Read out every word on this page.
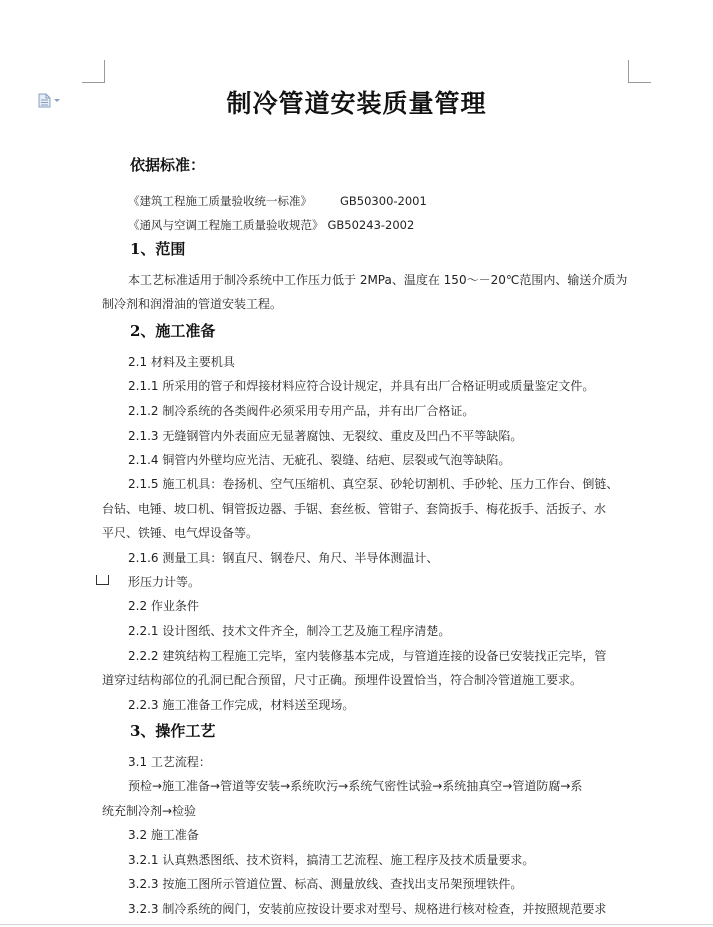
制冷管道安装质量管理
依据标准：
《建筑工程施工质量验收统一标准》 GB50300-2001
《通风与空调工程施工质量验收规范》 GB50243-2002
1、范围
本工艺标准适用于制冷系统中工作压力低于 2MPa、温度在 150～－20℃范围内、输送介质为
制冷剂和润滑油的管道安装工程。
2、施工准备
2.1 材料及主要机具
2.1.1 所采用的管子和焊接材料应符合设计规定，并具有出厂合格证明或质量鉴定文件。
2.1.2 制冷系统的各类阀件必须采用专用产品，并有出厂合格证。
2.1.3 无缝钢管内外表面应无显著腐蚀、无裂纹、重皮及凹凸不平等缺陷。
2.1.4 铜管内外壁均应光洁、无疵孔、裂缝、结疤、层裂或气泡等缺陷。
2.1.5 施工机具：卷扬机、空气压缩机、真空泵、砂轮切割机、手砂轮、压力工作台、倒链、
台钻、电锤、坡口机、铜管扳边器、手锯、套丝板、管钳子、套筒扳手、梅花扳手、活扳子、水
平尺、铁锤、电气焊设备等。
2.1.6 测量工具：钢直尺、钢卷尺、角尺、半导体测温计、
形压力计等。
2.2 作业条件
2.2.1 设计图纸、技术文件齐全，制冷工艺及施工程序清楚。
2.2.2 建筑结构工程施工完毕，室内装修基本完成，与管道连接的设备已安装找正完毕，管
道穿过结构部位的孔洞已配合预留，尺寸正确。预埋件设置恰当，符合制冷管道施工要求。
2.2.3 施工准备工作完成，材料送至现场。
3、操作工艺
3.1 工艺流程：
预检→施工准备→管道等安装→系统吹污→系统气密性试验→系统抽真空→管道防腐→系
统充制冷剂→检验
3.2 施工准备
3.2.1 认真熟悉图纸、技术资料，搞清工艺流程、施工程序及技术质量要求。
3.2.3 按施工图所示管道位置、标高、测量放线、查找出支吊架预埋铁件。
3.2.3 制冷系统的阀门，安装前应按设计要求对型号、规格进行核对检查，并按照规范要求
